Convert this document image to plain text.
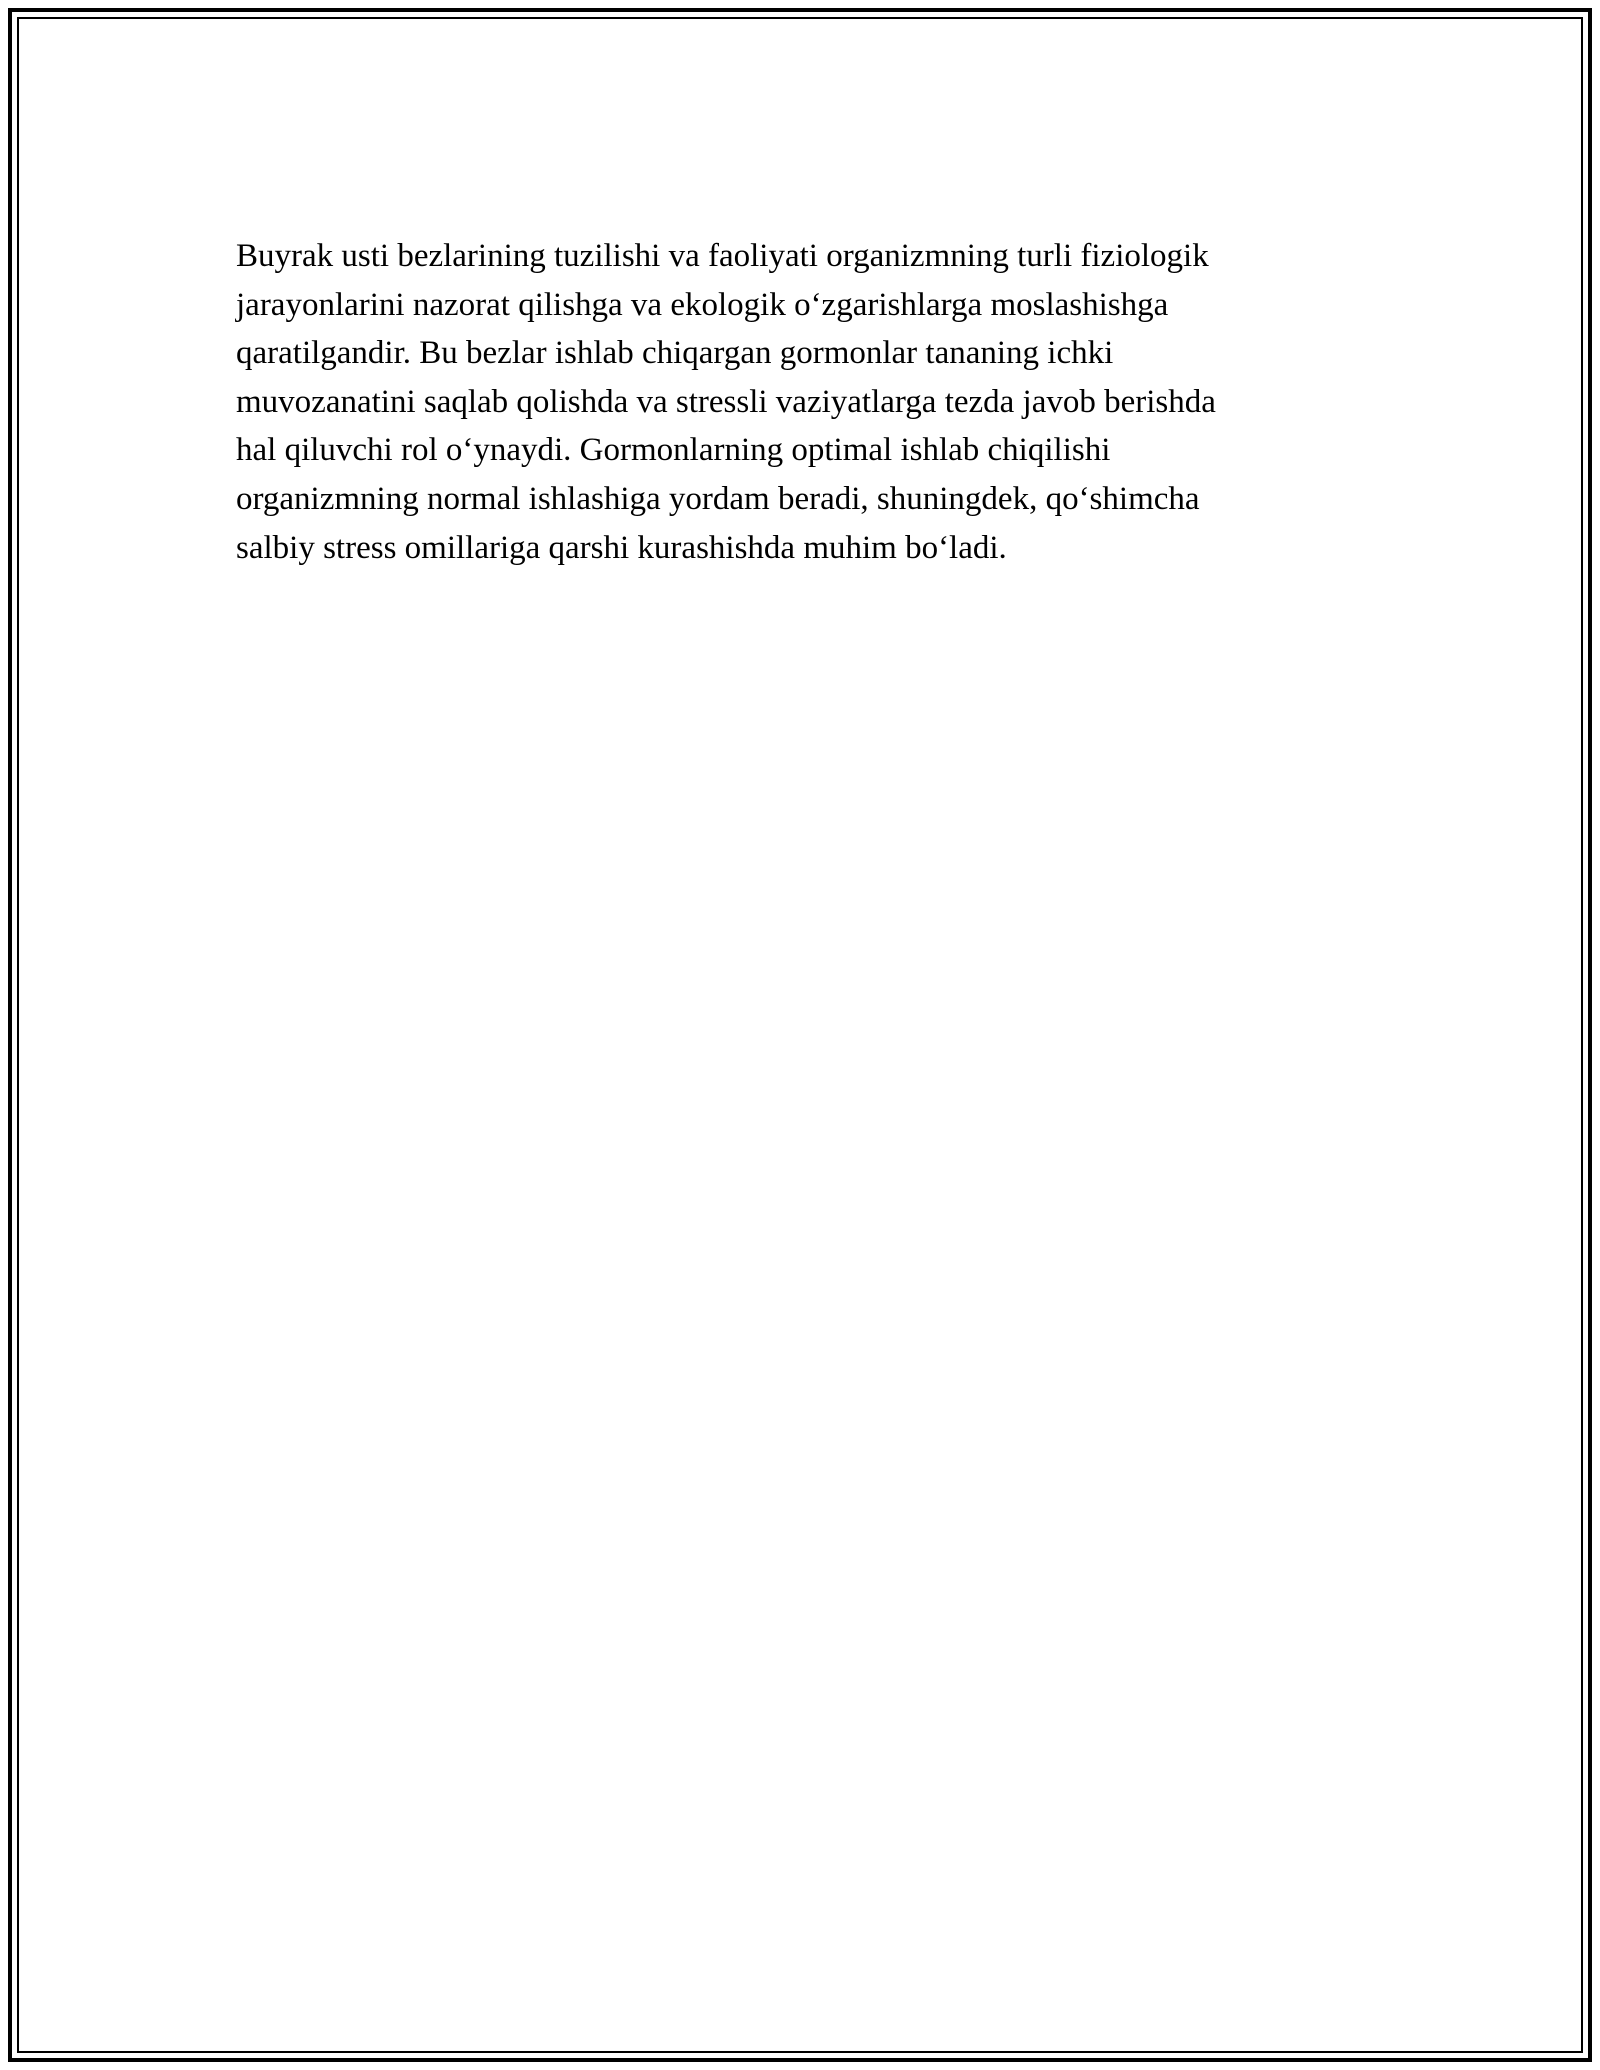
Buyrak usti bezlarining tuzilishi va faoliyati organizmning turli fiziologik
jarayonlarini nazorat qilishga va ekologik o‘zgarishlarga moslashishga
qaratilgandir. Bu bezlar ishlab chiqargan gormonlar tananing ichki
muvozanatini saqlab qolishda va stressli vaziyatlarga tezda javob berishda
hal qiluvchi rol o‘ynaydi. Gormonlarning optimal ishlab chiqilishi
organizmning normal ishlashiga yordam beradi, shuningdek, qo‘shimcha
salbiy stress omillariga qarshi kurashishda muhim bo‘ladi.
